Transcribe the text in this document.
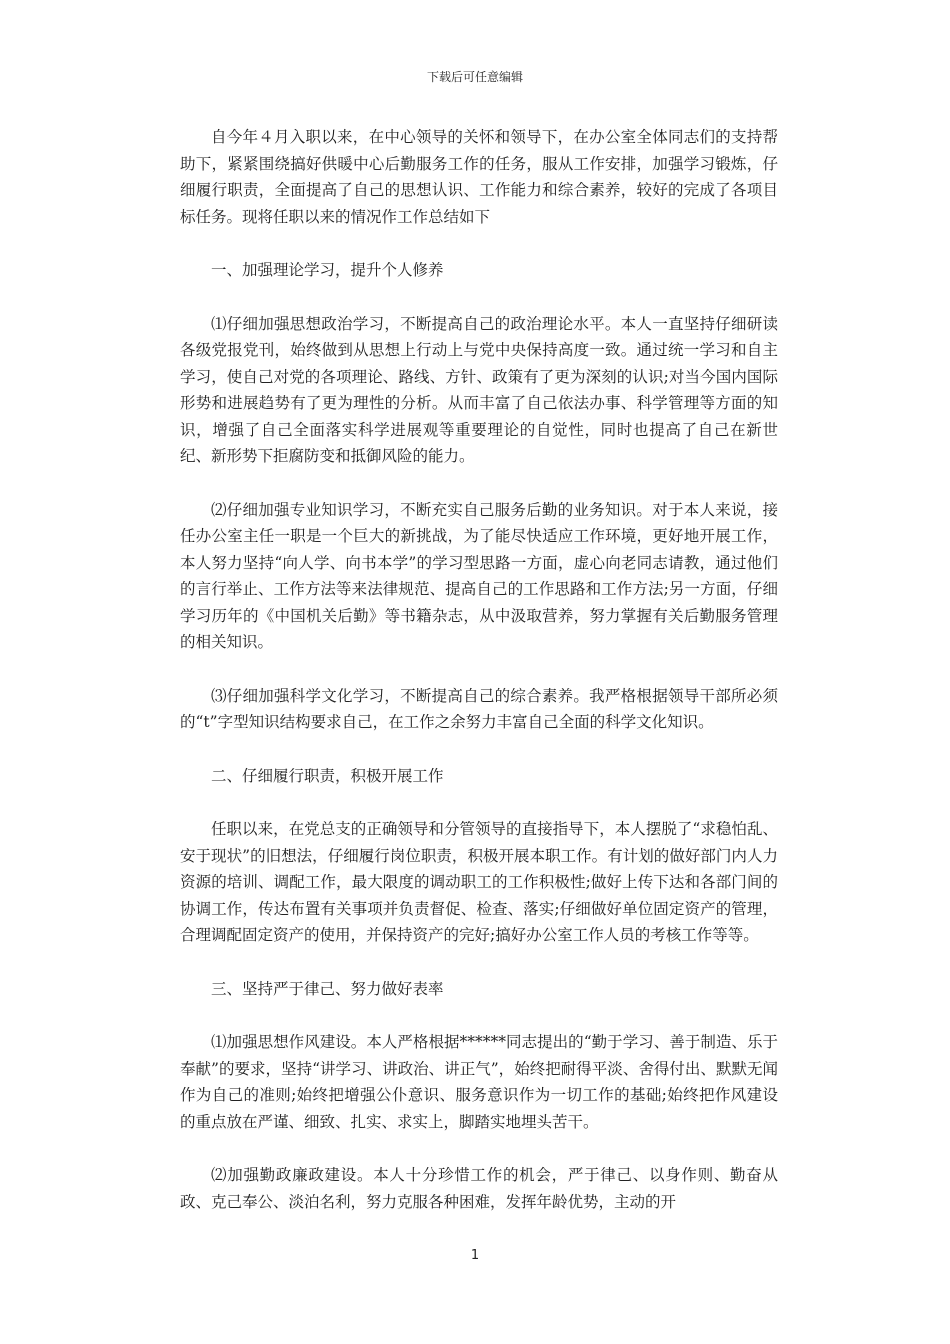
下载后可任意编辑

自今年４月入职以来，在中心领导的关怀和领导下，在办公室全体同志们的支持帮助下，紧紧围绕搞好供暖中心后勤服务工作的任务，服从工作安排，加强学习锻炼，仔细履行职责，全面提高了自己的思想认识、工作能力和综合素养，较好的完成了各项目标任务。现将任职以来的情况作工作总结如下

一、加强理论学习，提升个人修养

⑴仔细加强思想政治学习，不断提高自己的政治理论水平。本人一直坚持仔细研读各级党报党刊，始终做到从思想上行动上与党中央保持高度一致。通过统一学习和自主学习，使自己对党的各项理论、路线、方针、政策有了更为深刻的认识;对当今国内国际形势和进展趋势有了更为理性的分析。从而丰富了自己依法办事、科学管理等方面的知识，增强了自己全面落实科学进展观等重要理论的自觉性，同时也提高了自己在新世纪、新形势下拒腐防变和抵御风险的能力。

⑵仔细加强专业知识学习，不断充实自己服务后勤的业务知识。对于本人来说，接任办公室主任一职是一个巨大的新挑战，为了能尽快适应工作环境，更好地开展工作，本人努力坚持“向人学、向书本学”的学习型思路一方面，虚心向老同志请教，通过他们的言行举止、工作方法等来法律规范、提高自己的工作思路和工作方法;另一方面，仔细学习历年的《中国机关后勤》等书籍杂志，从中汲取营养，努力掌握有关后勤服务管理的相关知识。

⑶仔细加强科学文化学习，不断提高自己的综合素养。我严格根据领导干部所必须的“t”字型知识结构要求自己，在工作之余努力丰富自己全面的科学文化知识。

二、仔细履行职责，积极开展工作

任职以来，在党总支的正确领导和分管领导的直接指导下，本人摆脱了“求稳怕乱、安于现状”的旧想法，仔细履行岗位职责，积极开展本职工作。有计划的做好部门内人力资源的培训、调配工作，最大限度的调动职工的工作积极性;做好上传下达和各部门间的协调工作，传达布置有关事项并负责督促、检查、落实;仔细做好单位固定资产的管理，合理调配固定资产的使用，并保持资产的完好;搞好办公室工作人员的考核工作等等。

三、坚持严于律己、努力做好表率

⑴加强思想作风建设。本人严格根据******同志提出的“勤于学习、善于制造、乐于奉献”的要求，坚持“讲学习、讲政治、讲正气”，始终把耐得平淡、舍得付出、默默无闻作为自己的准则;始终把增强公仆意识、服务意识作为一切工作的基础;始终把作风建设的重点放在严谨、细致、扎实、求实上，脚踏实地埋头苦干。

⑵加强勤政廉政建设。本人十分珍惜工作的机会，严于律己、以身作则、勤奋从政、克己奉公、淡泊名利，努力克服各种困难，发挥年龄优势，主动的开

1
